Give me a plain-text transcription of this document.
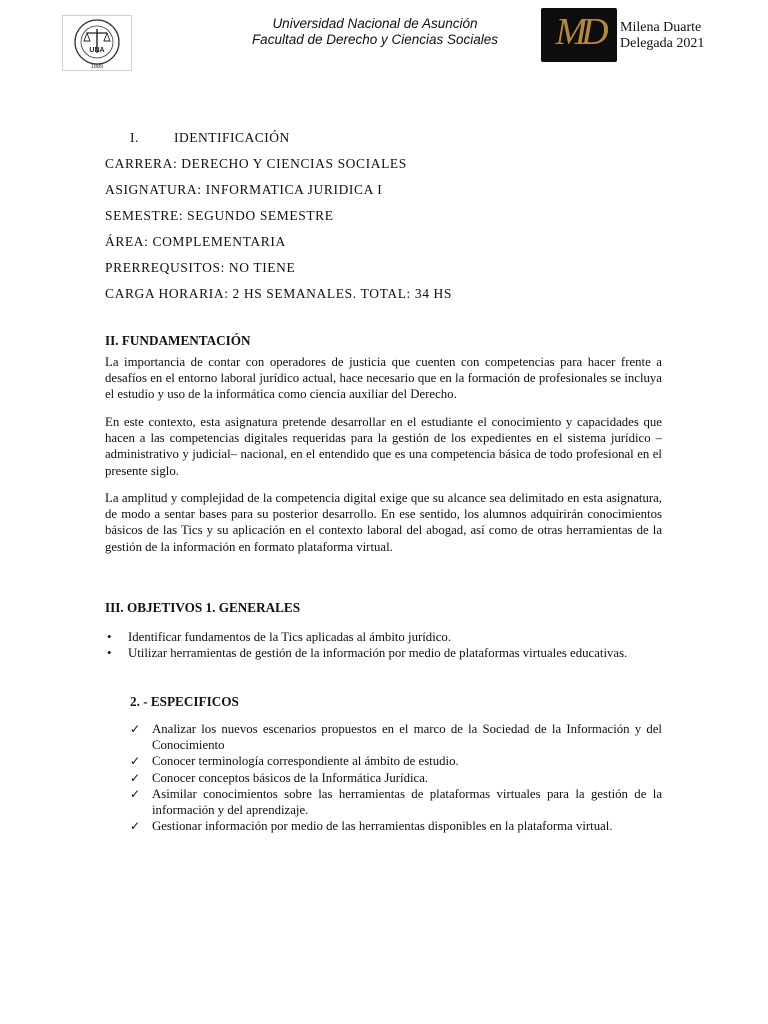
UNA
1889
Universidad Nacional de Asunción
Facultad de Derecho y Ciencias Sociales	MD	Milena Duarte
Delegada 2021
I.	IDENTIFICACIÓN
CARRERA: DERECHO Y CIENCIAS SOCIALES
ASIGNATURA: INFORMATICA JURIDICA I
SEMESTRE: SEGUNDO SEMESTRE
ÁREA: COMPLEMENTARIA
PRERREQUSITOS: NO TIENE
CARGA HORARIA: 2 HS SEMANALES. TOTAL: 34 HS
II. FUNDAMENTACIÓN

La importancia de contar con operadores de justicia que cuenten con competencias para hacer frente a desafíos en el entorno laboral jurídico actual, hace necesario que en la formación de profesionales se incluya el estudio y uso de la informática como ciencia auxiliar del Derecho.

En este contexto, esta asignatura pretende desarrollar en el estudiante el conocimiento y capacidades que hacen a las competencias digitales requeridas para la gestión de los expedientes en el sistema jurídico –administrativo y judicial– nacional, en el entendido que es una competencia básica de todo profesional en el presente siglo.

La amplitud y complejidad de la competencia digital exige que su alcance sea delimitado en esta asignatura, de modo a sentar bases para su posterior desarrollo. En ese sentido, los alumnos adquirirán conocimientos básicos de las Tics y su aplicación en el contexto laboral del abogad, así como de otras herramientas de la gestión de la información en formato plataforma virtual.

III. OBJETIVOS 1. GENERALES
• Identificar fundamentos de la Tics aplicadas al ámbito jurídico.
• Utilizar herramientas de gestión de la información por medio de plataformas virtuales educativas.
2. - ESPECIFICOS
✓ Analizar los nuevos escenarios propuestos en el marco de la Sociedad de la Información y del Conocimiento
✓ Conocer terminología correspondiente al ámbito de estudio.
✓ Conocer conceptos básicos de la Informática Jurídica.
✓ Asimilar conocimientos sobre las herramientas de plataformas virtuales para la gestión de la información y del aprendizaje.
✓ Gestionar información por medio de las herramientas disponibles en la plataforma virtual.
